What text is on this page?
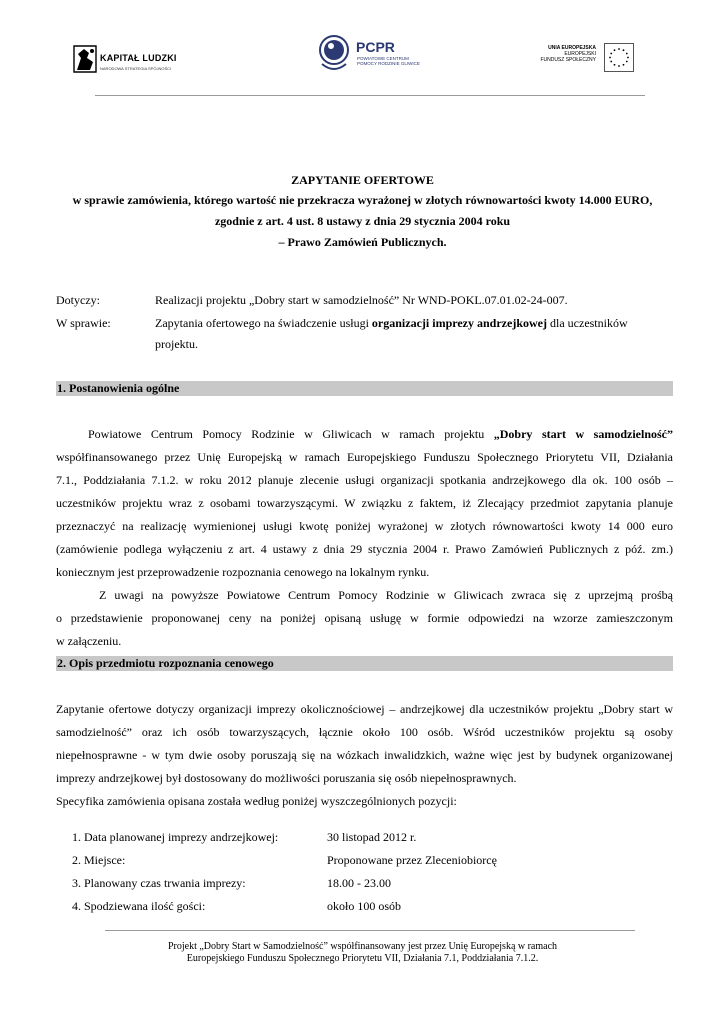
KAPITAŁ LUDZKI
NARODOWA STRATEGIA SPÓJNOŚCI
PCPR
POWIATOWE CENTRUM
POMOCY RODZINIE GLIWICE
UNIA EUROPEJSKA
EUROPEJSKI
FUNDUSZ SPOŁECZNY
ZAPYTANIE OFERTOWE
w sprawie zamówienia, którego wartość nie przekracza wyrażonej w złotych równowartości kwoty 14.000 EURO,
zgodnie z art. 4 ust. 8 ustawy z dnia 29 stycznia 2004 roku
– Prawo Zamówień Publicznych.
Dotyczy:	Realizacji projektu „Dobry start w samodzielność” Nr WND-POKL.07.01.02-24-007.
W sprawie:	Zapytania ofertowego na świadczenie usługi organizacji imprezy andrzejkowej dla uczestników
projektu.
1. Postanowienia ogólne
Powiatowe Centrum Pomocy Rodzinie w Gliwicach w ramach projektu „Dobry start w samodzielność”
współfinansowanego przez Unię Europejską w ramach Europejskiego Funduszu Społecznego Priorytetu VII, Działania
7.1., Poddziałania 7.1.2. w roku 2012 planuje zlecenie usługi organizacji spotkania andrzejkowego dla ok. 100 osób –
uczestników projektu wraz z osobami towarzyszącymi. W związku z faktem, iż Zlecający przedmiot zapytania planuje
przeznaczyć na realizację wymienionej usługi kwotę poniżej wyrażonej w złotych równowartości kwoty 14 000 euro
(zamówienie podlega wyłączeniu z art. 4 ustawy z dnia 29 stycznia 2004 r. Prawo Zamówień Publicznych z póź. zm.)
koniecznym jest przeprowadzenie rozpoznania cenowego na lokalnym rynku.
Z uwagi na powyższe Powiatowe Centrum Pomocy Rodzinie w Gliwicach zwraca się z uprzejmą prośbą
o przedstawienie proponowanej ceny na poniżej opisaną usługę w formie odpowiedzi na wzorze zamieszczonym
w załączeniu.
2. Opis przedmiotu rozpoznania cenowego
Zapytanie ofertowe dotyczy organizacji imprezy okolicznościowej – andrzejkowej dla uczestników projektu „Dobry start w
samodzielność” oraz ich osób towarzyszących, łącznie około 100 osób. Wśród uczestników projektu są osoby
niepełnosprawne - w tym dwie osoby poruszają się na wózkach inwalidzkich, ważne więc jest by budynek organizowanej
imprezy andrzejkowej był dostosowany do możliwości poruszania się osób niepełnosprawnych.
Specyfika zamówienia opisana została według poniżej wyszczególnionych pozycji:
1. Data planowanej imprezy andrzejkowej:	30 listopad 2012 r.
2. Miejsce:	Proponowane przez Zleceniobiorcę
3. Planowany czas trwania imprezy:	18.00 - 23.00
4. Spodziewana ilość gości:	około 100 osób
Projekt „Dobry Start w Samodzielność” współfinansowany jest przez Unię Europejską w ramach
Europejskiego Funduszu Społecznego Priorytetu VII, Działania 7.1, Poddziałania 7.1.2.
